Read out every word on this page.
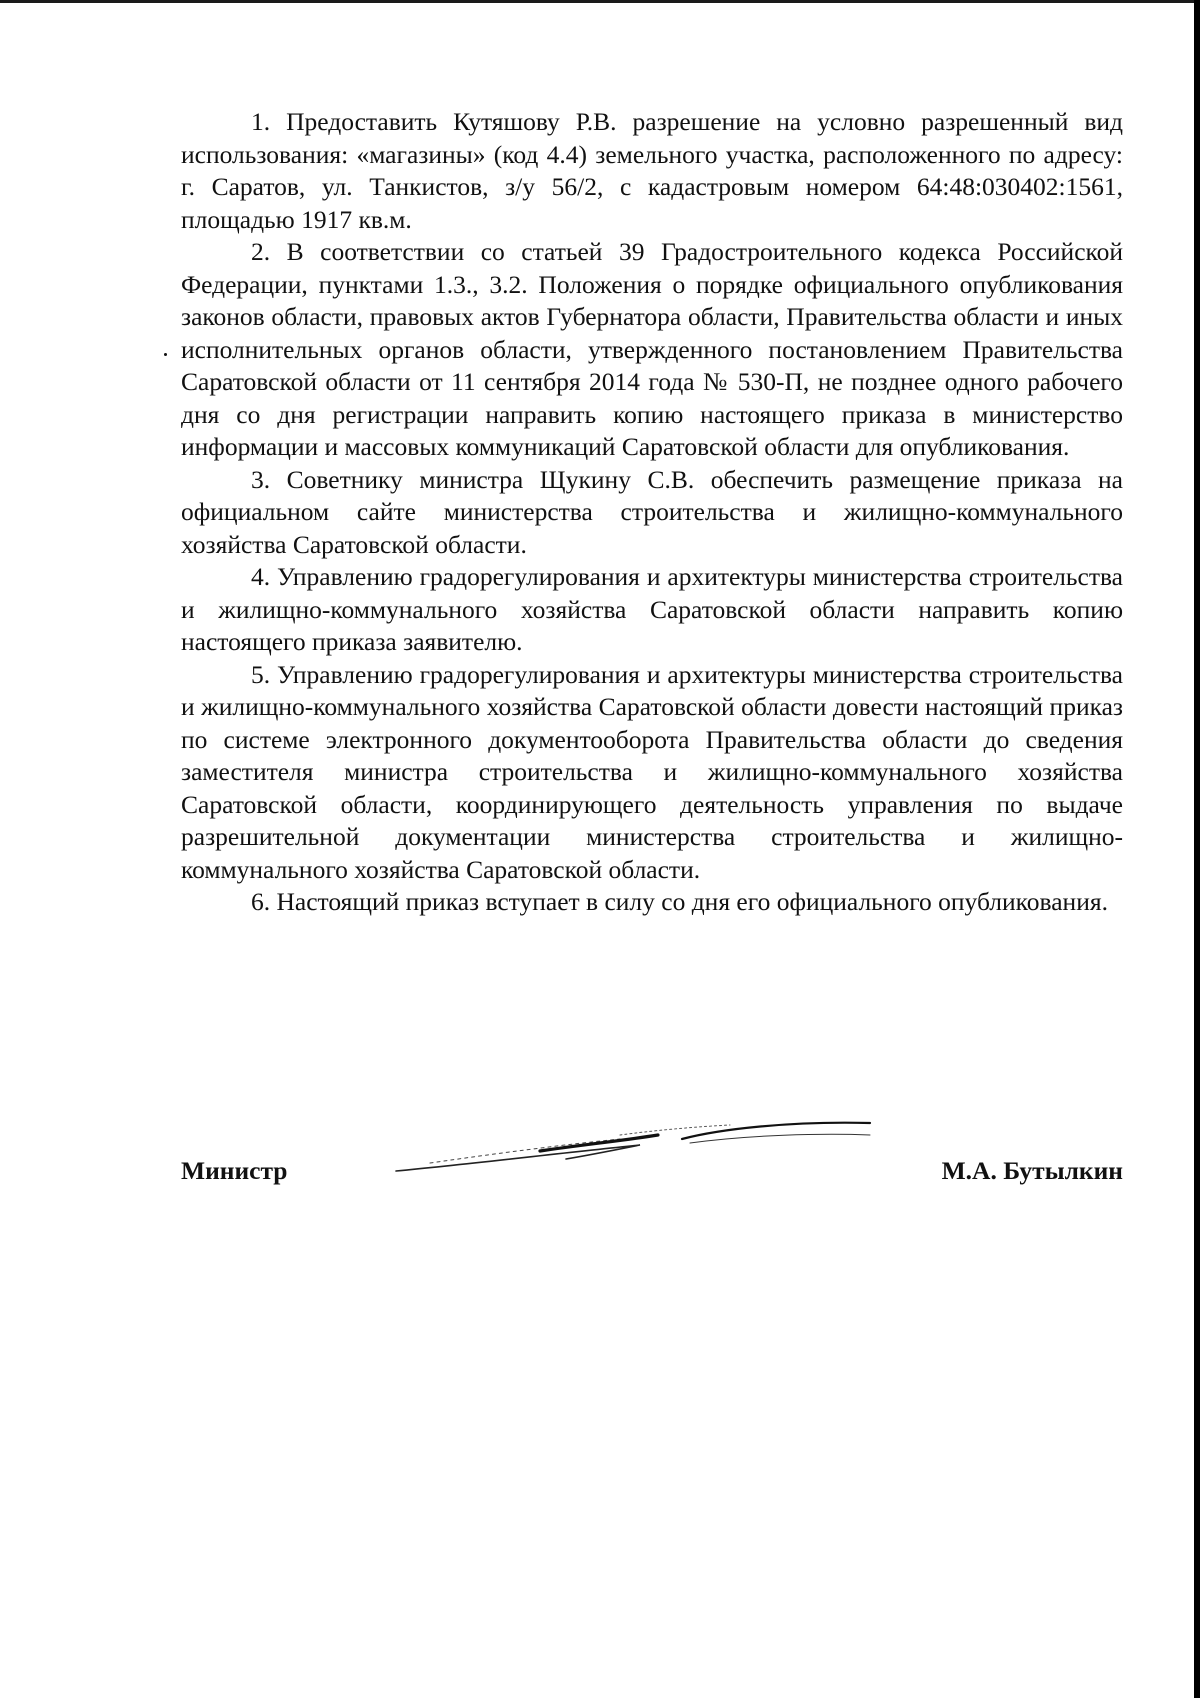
1. Предоставить Кутяшову Р.В. разрешение на условно разрешенный вид использования: «магазины» (код 4.4) земельного участка, расположенного по адресу: г. Саратов, ул. Танкистов, з/у 56/2, с кадастровым номером 64:48:030402:1561, площадью 1917 кв.м.

2. В соответствии со статьей 39 Градостроительного кодекса Российской Федерации, пунктами 1.3., 3.2. Положения о порядке официального опубликования законов области, правовых актов Губернатора области, Правительства области и иных исполнительных органов области, утвержденного постановлением Правительства Саратовской области от 11 сентября 2014 года № 530-П, не позднее одного рабочего дня со дня регистрации направить копию настоящего приказа в министерство информации и массовых коммуникаций Саратовской области для опубликования.

3. Советнику министра Щукину С.В. обеспечить размещение приказа на официальном сайте министерства строительства и жилищно-коммунального хозяйства Саратовской области.

4. Управлению градорегулирования и архитектуры министерства строительства и жилищно-коммунального хозяйства Саратовской области направить копию настоящего приказа заявителю.

5. Управлению градорегулирования и архитектуры министерства строительства и жилищно-коммунального хозяйства Саратовской области довести настоящий приказ по системе электронного документооборота Правительства области до сведения заместителя министра строительства и жилищно-коммунального хозяйства Саратовской области, координирующего деятельность управления по выдаче разрешительной документации министерства строительства и жилищно-коммунального хозяйства Саратовской области.

6. Настоящий приказ вступает в силу со дня его официального опубликования.

Министр	М.А. Бутылкин
